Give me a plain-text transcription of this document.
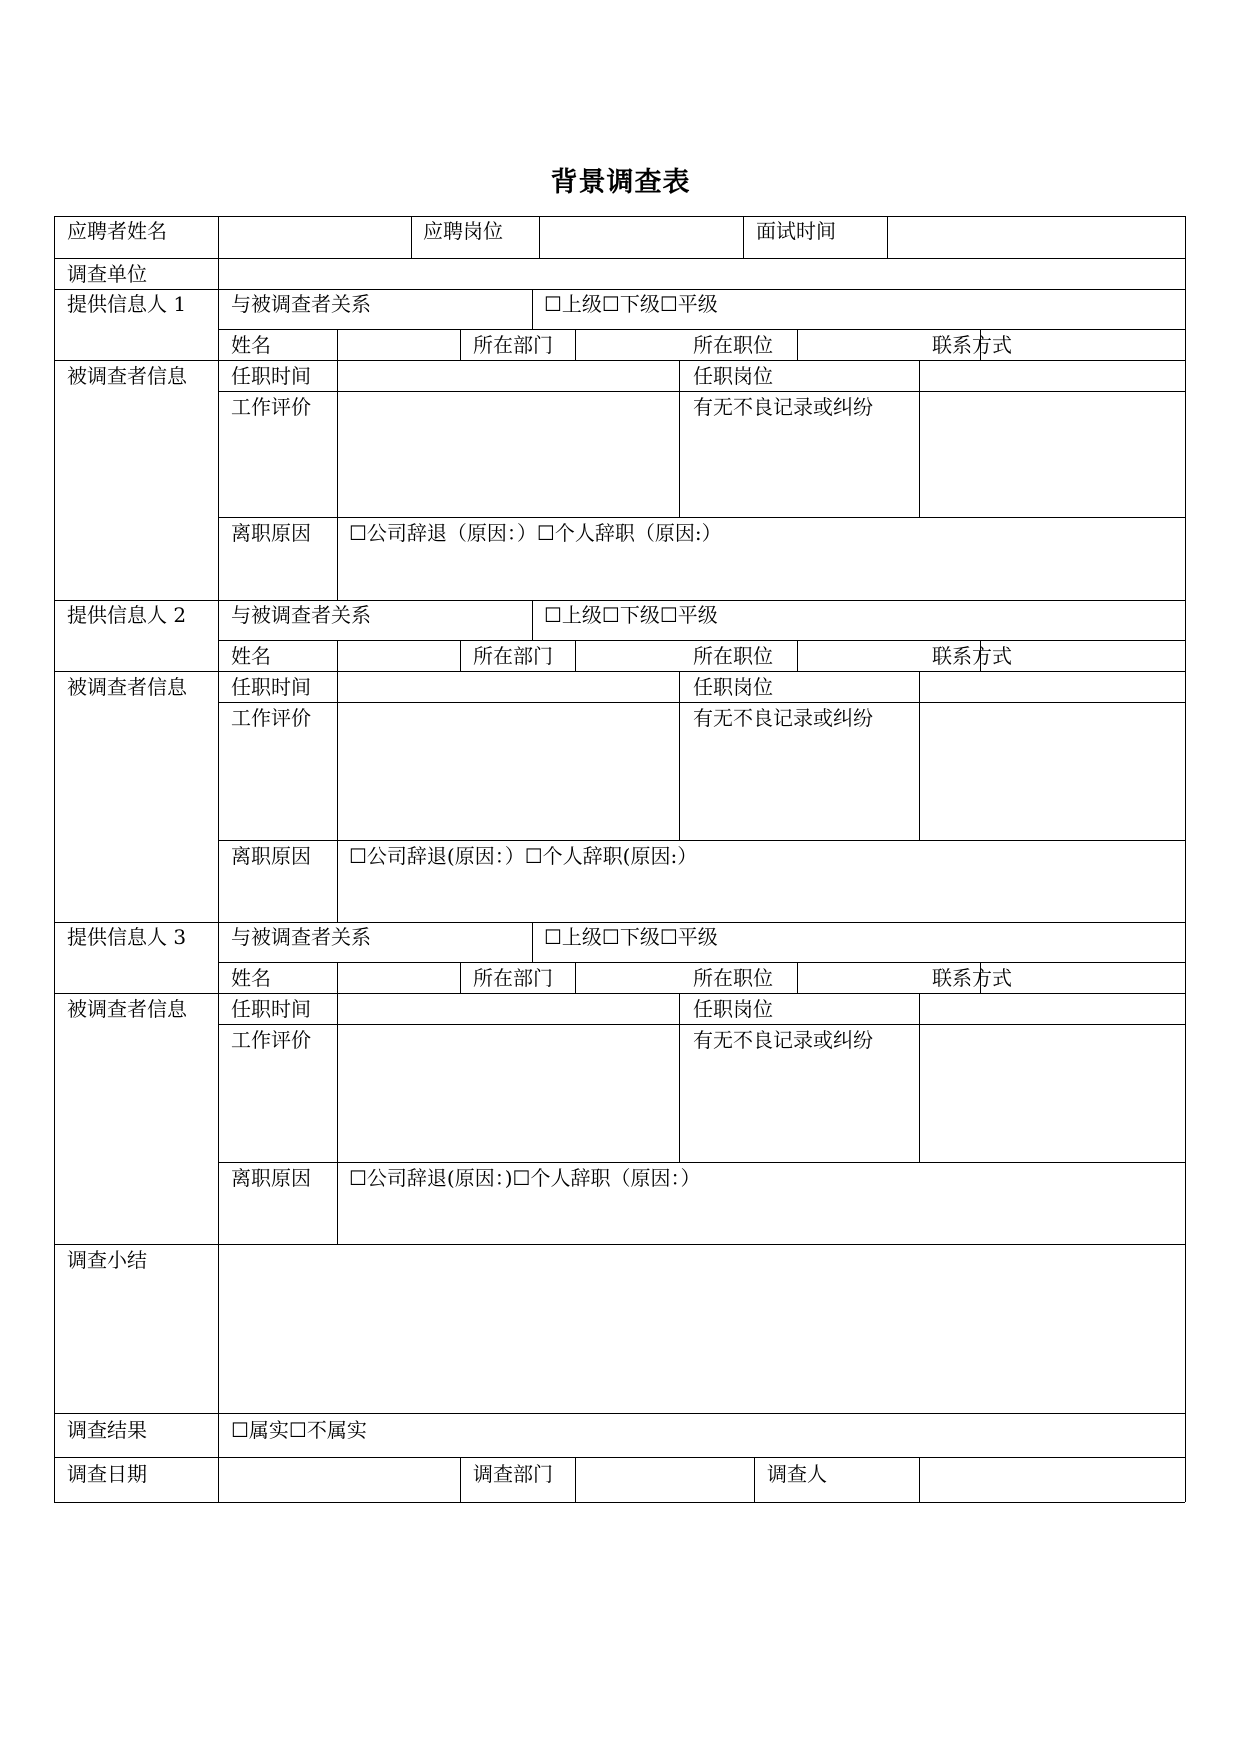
背景调查表
应聘者姓名	应聘岗位	面试时间
调查单位
提供信息人 1 与被调查者关系	☐上级☐下级☐平级
姓名	所在部门	所在职位	联系方式
被调查者信息 任职时间	任职岗位
工作评价	有无不良记录或纠纷
离职原因 ☐公司辞退（原因：）☐个人辞职（原因:）
提供信息人 2 与被调查者关系	☐上级☐下级☐平级
姓名	所在部门	所在职位	联系方式
被调查者信息 任职时间	任职岗位
工作评价	有无不良记录或纠纷
离职原因 ☐公司辞退(原因：）☐个人辞职(原因:）
提供信息人 3 与被调查者关系	☐上级☐下级☐平级
姓名	所在部门	所在职位	联系方式
被调查者信息 任职时间	任职岗位
工作评价	有无不良记录或纠纷
离职原因 ☐公司辞退(原因：)☐个人辞职（原因：）
调查小结
调查结果	☐属实☐不属实
调查日期	调查部门	调查人
